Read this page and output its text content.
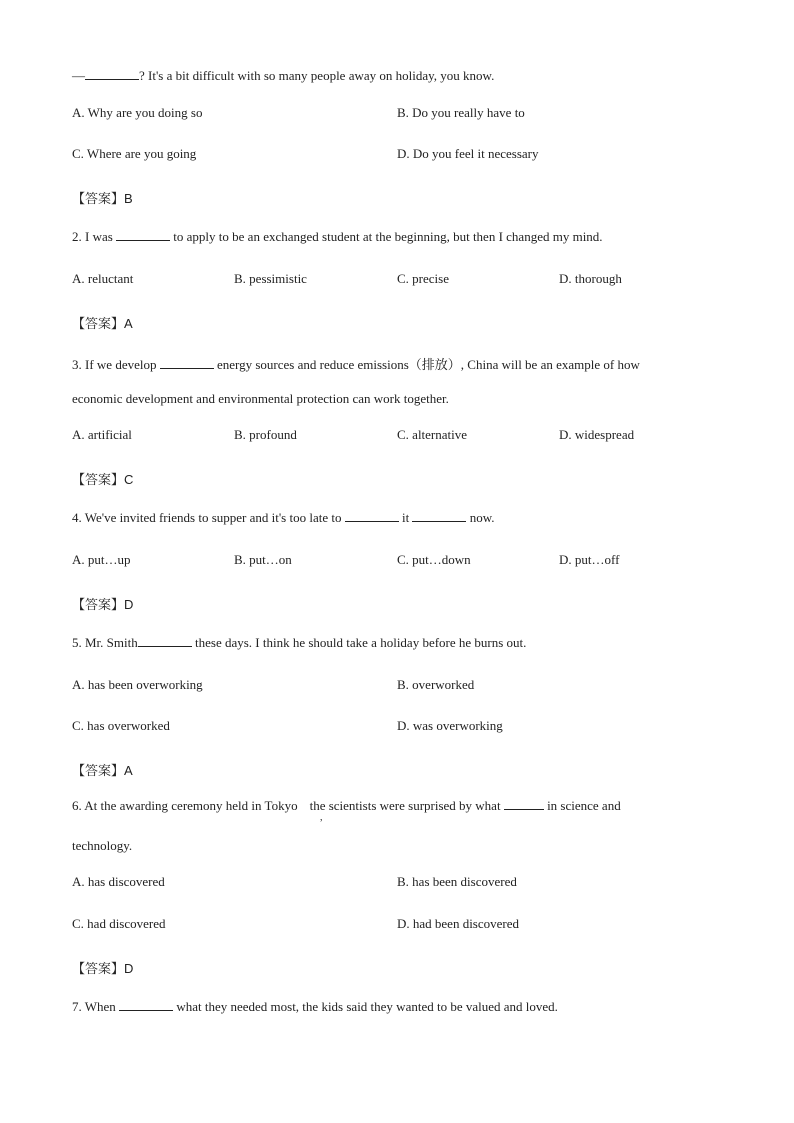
—	? It's a bit difficult with so many people away on holiday, you know.
A. Why are you doing so	B. Do you really have to
C. Where are you going	D. Do you feel it necessary
【答案】B
2. I was	to apply to be an exchanged student at the beginning, but then I changed my mind.
A. reluctant	B. pessimistic	C. precise	D. thorough
【答案】A
3. If we develop	energy sources and reduce emissions（排放）, China will be an example of how
economic development and environmental protection can work together.
A. artificial	B. profound	C. alternative	D. widespread
【答案】C
4. We've invited friends to supper and it's too late to	it	now.
A. put…up	B. put…on	C. put…down	D. put…off
【答案】D
5. Mr. Smith	these days. I think he should take a holiday before he burns out.
A. has been overworking	B. overworked
C. has overworked	D. was overworking
【答案】A
6. At the awarding ceremony held in Tokyo the scientists were surprised by what	in science and
,
technology.
A. has discovered	B. has been discovered
C. had discovered	D. had been discovered
【答案】D
7. When	what they needed most, the kids said they wanted to be valued and loved.
